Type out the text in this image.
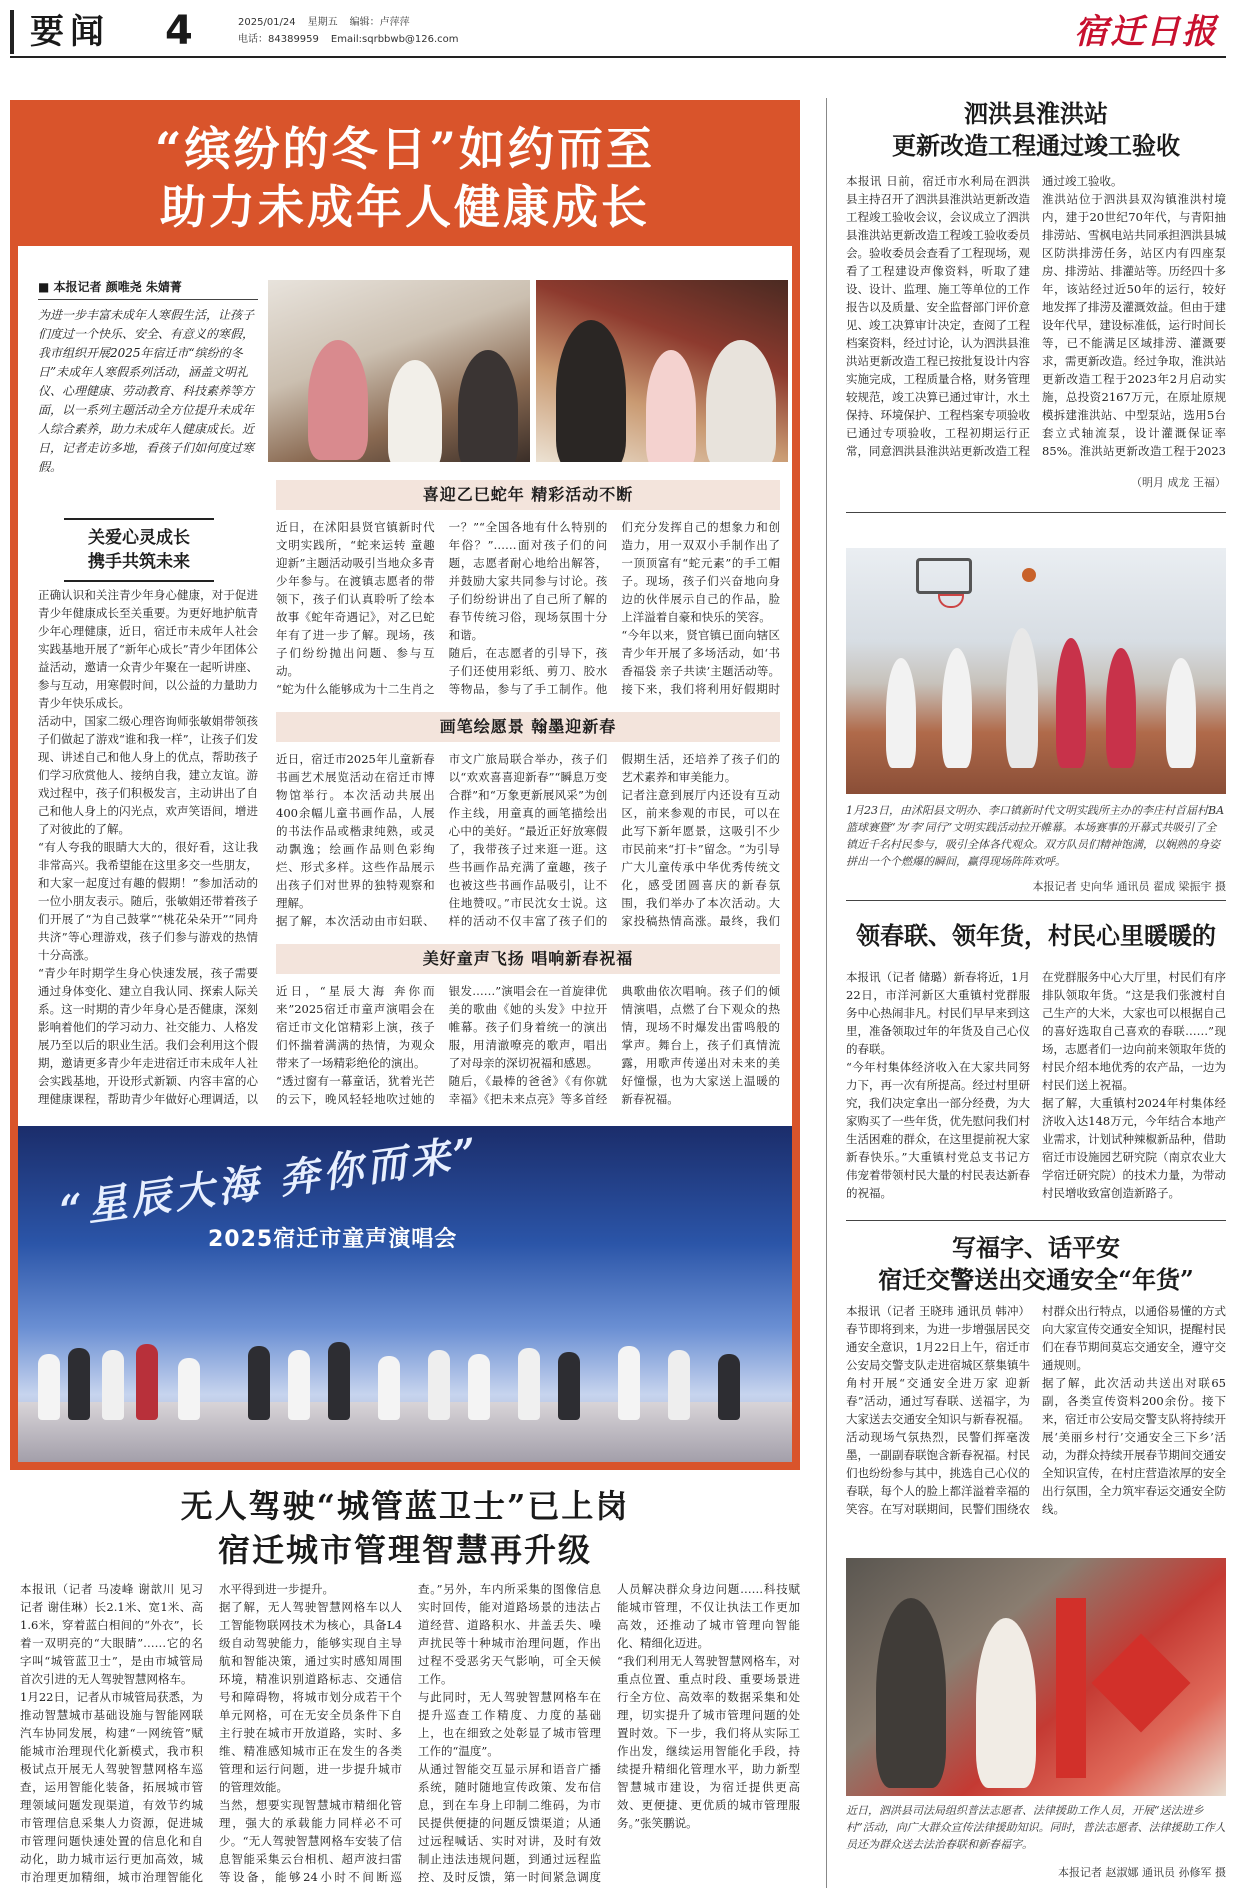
要闻 4	2025/01/24 星期五 编辑：卢萍萍
电话：84389959 Email:sqrbbwb@126.com	宿迁日报
“缤纷的冬日”如约而至
助力未成年人健康成长
■ 本报记者 颜唯尧 朱婧菁
为进一步丰富未成年人寒假生活，让孩子们度过一个快乐、安全、有意义的寒假，我市组织开展2025年宿迁市“缤纷的冬日”未成年人寒假系列活动，涵盖文明礼仪、心理健康、劳动教育、科技素养等方面，以一系列主题活动全方位提升未成年人综合素养，助力未成年人健康成长。近日，记者走访多地，看孩子们如何度过寒假。
喜迎乙巳蛇年 精彩活动不断
近日，在沭阳县贤官镇新时代文明实践所，“蛇来运转 童趣迎新”主题活动吸引当地众多青少年参与。在渡镇志愿者的带领下，孩子们认真聆听了绘本故事《蛇年奇遇记》，对乙巳蛇年有了进一步了解。现场，孩子们纷纷抛出问题、参与互动。
“蛇为什么能够成为十二生肖之一？”“全国各地有什么特别的年俗？”……面对孩子们的问题，志愿者耐心地给出解答，并鼓励大家共同参与讨论。孩子们纷纷讲出了自己所了解的春节传统习俗，现场氛围十分和谐。
随后，在志愿者的引导下，孩子们还使用彩纸、剪刀、胶水等物品，参与了手工制作。他们充分发挥自己的想象力和创造力，用一双双小手制作出了一顶顶富有“蛇元素”的手工帽子。现场，孩子们兴奋地向身边的伙伴展示自己的作品，脸上洋溢着自豪和快乐的笑容。
“今年以来，贤官镇已面向辖区青少年开展了多场活动，如‘书香福袋 亲子共读’主题活动等。接下来，我们将利用好假期时
关爱心灵成长
携手共筑未来
正确认识和关注青少年身心健康，对于促进青少年健康成长至关重要。为更好地护航青少年心理健康，近日，宿迁市未成年人社会实践基地开展了“新年心成长”青少年团体公益活动，邀请一众青少年聚在一起听讲座、参与互动，用寒假时间，以公益的力量助力青少年快乐成长。
活动中，国家二级心理咨询师张敏娟带领孩子们做起了游戏“谁和我一样”，让孩子们发现、讲述自己和他人身上的优点，帮助孩子们学习欣赏他人、接纳自我，建立友谊。游戏过程中，孩子们积极发言，主动讲出了自己和他人身上的闪光点，欢声笑语间，增进了对彼此的了解。
“有人夸我的眼睛大大的，很好看，这让我非常高兴。我希望能在这里多交一些朋友，和大家一起度过有趣的假期！”参加活动的一位小朋友表示。随后，张敏娟还带着孩子们开展了“为自己鼓掌”“桃花朵朵开”“同舟共济”等心理游戏，孩子们参与游戏的热情十分高涨。
“青少年时期学生身心快速发展，孩子需要通过身体变化、建立自我认同、探索人际关系。这一时期的青少年身心是否健康，深刻影响着他们的学习动力、社交能力、人格发展乃至以后的职业生活。我们会利用这个假期，邀请更多青少年走进宿迁市未成年人社会实践基地，开设形式新颖、内容丰富的心理健康课程，帮助青少年做好心理调适，以
画笔绘愿景 翰墨迎新春
近日，宿迁市2025年儿童新春书画艺术展览活动在宿迁市博物馆举行。本次活动共展出400余幅儿童书画作品，人展的书法作品或楷隶纯熟，或灵动飘逸；绘画作品则色彩绚烂、形式多样。这些作品展示出孩子们对世界的独特观察和理解。
据了解，本次活动由市妇联、市文广旅局联合举办，孩子们以“欢欢喜喜迎新春”“瞬息万变合群”和“万象更新展风采”为创作主线，用童真的画笔描绘出心中的美好。“最近正好放寒假了，我带孩子过来逛一逛。这些书画作品充满了童趣，孩子也被这些书画作品吸引，让不住地赞叹。”市民沈女士说。这样的活动不仅丰富了孩子们的假期生活，还培养了孩子们的艺术素养和审美能力。
记者注意到展厅内还设有互动区，前来参观的市民，可以在此写下新年愿景，这吸引不少市民前来“打卡”留念。“为引导广大儿童传承中华优秀传统文化，感受团圆喜庆的新春氛围，我们举办了本次活动。大家投稿热情高涨。最终，我们
美好童声飞扬 唱响新春祝福
近日，“星辰大海 奔你而来”2025宿迁市童声演唱会在宿迁市文化馆精彩上演，孩子们怀揣着满满的热情，为观众带来了一场精彩绝伦的演出。
“透过窗有一幕童话，犹着光芒的云下，晚风轻轻地吹过她的银发……”演唱会在一首旋律优美的歌曲《她的头发》中拉开帷幕。孩子们身着统一的演出服，用清澈嘹亮的歌声，唱出了对母亲的深切祝福和感恩。
随后，《最棒的爸爸》《有你就幸福》《把未来点亮》等多首经典歌曲依次唱响。孩子们的倾情演唱，点燃了台下观众的热情，现场不时爆发出雷鸣般的掌声。舞台上，孩子们真情流露，用歌声传递出对未来的美好憧憬，也为大家送上温暖的新春祝福。

“星辰大海 奔你而来”
2025宿迁市童声演唱会
泗洪县淮洪站
更新改造工程通过竣工验收
本报讯 日前，宿迁市水利局在泗洪县主持召开了泗洪县淮洪站更新改造工程竣工验收会议，会议成立了泗洪县淮洪站更新改造工程竣工验收委员会。验收委员会查看了工程现场，观看了工程建设声像资料，听取了建设、设计、监理、施工等单位的工作报告以及质量、安全监督部门评价意见、竣工决算审计决定，查阅了工程档案资料，经过讨论，认为泗洪县淮洪站更新改造工程已按批复设计内容实施完成，工程质量合格，财务管理较规范，竣工决算已通过审计，水土保持、环境保护、工程档案专项验收已通过专项验收，工程初期运行正常，同意泗洪县淮洪站更新改造工程通过竣工验收。
淮洪站位于泗洪县双沟镇淮洪村境内，建于20世纪70年代，与青阳抽排涝站、雪枫电站共同承担泗洪县城区防洪排涝任务，站区内有四座泵房、排涝站、排灌站等。历经四十多年，该站经过近50年的运行，较好地发挥了排涝及灌溉效益。但由于建设年代早，建设标准低，运行时间长等，已不能满足区域排涝、灌溉要求，需更新改造。经过争取，淮洪站更新改造工程于2023年2月启动实施，总投资2167万元，在原址原规模拆建淮洪站、中型泵站，选用5台套立式轴流泵，设计灌溉保证率85%。淮洪站更新改造工程于2023

（明月 成龙 王福）
1月23日，由沭阳县文明办、李口镇新时代文明实践所主办的李庄村首届村BA篮球赛暨“为‘李’同行”文明实践活动拉开帷幕。本场赛事的开幕式共吸引了全镇近千名村民参与，吸引全体各代观众。双方队员们精神饱满，以娴熟的身姿拼出一个个燃爆的瞬间，赢得现场阵阵欢呼。
本报记者 史向华 通讯员 翟成 梁振宇 摄
领春联、领年货，村民心里暖暖的
本报讯（记者 储璐）新春将近，1月22日，市洋河新区大重镇村党群服务中心热闹非凡。村民们早早来到这里，准备领取过年的年货及自己心仪的春联。
“今年村集体经济收入在大家共同努力下，再一次有所提高。经过村里研究，我们决定拿出一部分经费，为大家购买了一些年货，优先慰问我们村生活困难的群众，在这里提前祝大家新春快乐。”大重镇村党总支书记方伟宠着带领村民大量的村民表达新春的祝福。
在党群服务中心大厅里，村民们有序排队领取年货。“这是我们张渡村自己生产的大米，大家也可以根据自己的喜好选取自己喜欢的春联……”现场，志愿者们一边向前来领取年货的村民介绍本地优秀的农产品，一边为村民们送上祝福。
据了解，大重镇村2024年村集体经济收入达148万元，今年结合本地产业需求，计划试种辣椒新品种，借助宿迁市设施园艺研究院（南京农业大学宿迁研究院）的技术力量，为带动村民增收致富创造新路子。
写福字、话平安
宿迁交警送出交通安全“年货”
本报讯（记者 王晓玮 通讯员 韩冲）春节即将到来，为进一步增强居民交通安全意识，1月22日上午，宿迁市公安局交警支队走进宿城区蔡集镇牛角村开展“交通安全进万家 迎新春”活动，通过写春联、送福字，为大家送去交通安全知识与新春祝福。
活动现场气氛热烈，民警们挥毫泼墨，一副副春联饱含新春祝福。村民们也纷纷参与其中，挑选自己心仪的春联，每个人的脸上都洋溢着幸福的笑容。在写对联期间，民警们围绕农村群众出行特点，以通俗易懂的方式向大家宣传交通安全知识，提醒村民们在春节期间莫忘交通安全，遵守交通规则。
据了解，此次活动共送出对联65副，各类宣传资料200余份。接下来，宿迁市公安局交警支队将持续开展‘美丽乡村行’交通安全三下乡’活动，为群众持续开展春节期间交通安全知识宣传，在村庄营造浓厚的安全出行氛围，全力筑牢春运交通安全防线。
近日，泗洪县司法局组织普法志愿者、法律援助工作人员，开展“送法进乡村”活动，向广大群众宣传法律援助知识。同时，普法志愿者、法律援助工作人员还为群众送去法治春联和新春福字。
本报记者 赵淑娜 通讯员 孙修军 摄
无人驾驶“城管蓝卫士”已上岗
宿迁城市管理智慧再升级
本报讯（记者 马凌峰 谢歆川 见习记者 谢佳琳）长2.1米、宽1米、高1.6米，穿着蓝白相间的“外衣”，长着一双明亮的“大眼睛”……它的名字叫“城管蓝卫士”，是由市城管局首次引进的无人驾驶智慧网格车。
1月22日，记者从市城管局获悉，为推动智慧城市基础设施与智能网联汽车协同发展，构建“一网统管”赋能城市治理现代化新模式，我市积极试点开展无人驾驶智慧网格车巡查，运用智能化装备，拓展城市管理领域问题发现渠道，有效节约城市管理信息采集人力资源，促进城市管理问题快速处置的信息化和自动化，助力城市运行更加高效，城市治理更加精细，城市治理智能化水平得到进一步提升。
据了解，无人驾驶智慧网格车以人工智能物联网技术为核心，具备L4级自动驾驶能力，能够实现自主导航和智能决策，通过实时感知周围环境，精准识别道路标志、交通信号和障碍物，将城市划分成若干个单元网格，可在无安全员条件下自主行驶在城市开放道路，实时、多维、精准感知城市正在发生的各类管理和运行问题，进一步提升城市的管理效能。
当然，想要实现智慧城市精细化管理，强大的承载能力同样必不可少。“无人驾驶智慧网格车安装了信息智能采集云台相机、超声波扫雷等设备，能够24小时不间断巡查。”另外，车内所采集的图像信息实时回传，能对道路场景的违法占道经营、道路积水、井盖丢失、噪声扰民等十种城市治理问题，作出过程不受恶劣天气影响，可全天候工作。
与此同时，无人驾驶智慧网格车在提升巡查工作精度、力度的基础上，也在细致之处彰显了城市管理工作的“温度”。
从通过智能交互显示屏和语音广播系统，随时随地宣传政策、发布信息，到在车身上印制二维码，为市民提供便捷的问题反馈渠道；从通过远程喊话、实时对讲，及时有效制止违法违规问题，到通过远程监控、及时反馈，第一时间紧急调度人员解决群众身边问题……科技赋能城市管理，不仅让执法工作更加高效，还推动了城市管理向智能化、精细化迈进。
“我们利用无人驾驶智慧网格车，对重点位置、重点时段、重要场景进行全方位、高效率的数据采集和处理，切实提升了城市管理问题的处置时效。下一步，我们将从实际工作出发，继续运用智能化手段，持续提升精细化管理水平，助力新型智慧城市建设，为宿迁提供更高效、更便捷、更优质的城市管理服务。”张笑鹏说。
